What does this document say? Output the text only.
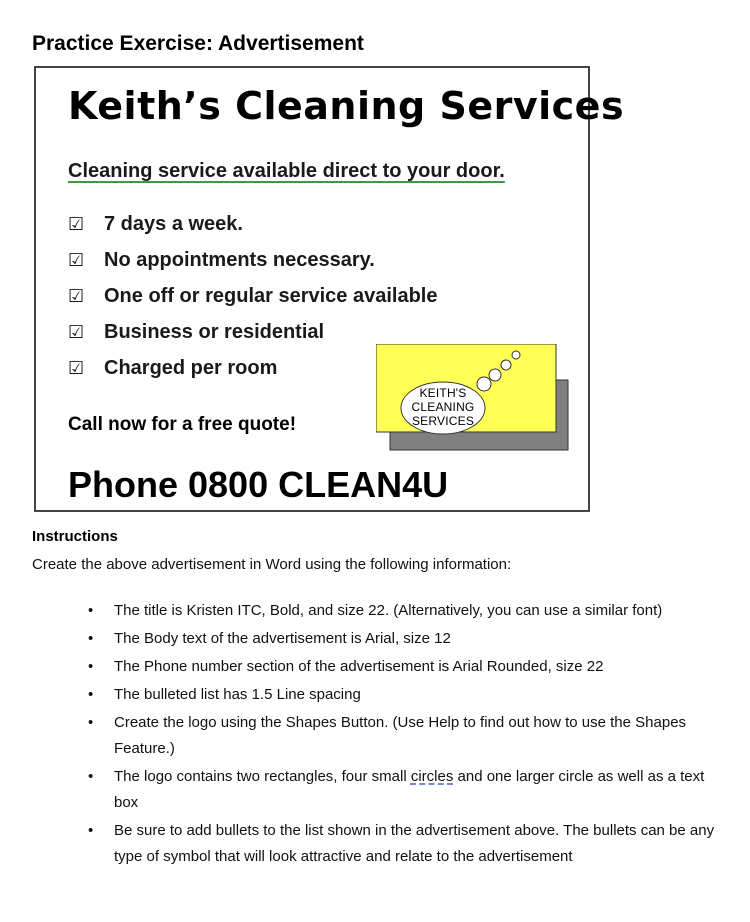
Practice Exercise: Advertisement
Keith’s Cleaning Services
Cleaning service available direct to your door.
☑ 7 days a week.
☑ No appointments necessary.
☑ One off or regular service available
☑ Business or residential
☑ Charged per room
Call now for a free quote!
Phone 0800 CLEAN4U
KEITH'S
CLEANING
SERVICES
Instructions

Create the above advertisement in Word using the following information:

• The title is Kristen ITC, Bold, and size 22. (Alternatively, you can use a similar font)
• The Body text of the advertisement is Arial, size 12
• The Phone number section of the advertisement is Arial Rounded, size 22
• The bulleted list has 1.5 Line spacing
• Create the logo using the Shapes Button. (Use Help to find out how to use the Shapes Feature.)
• The logo contains two rectangles, four small circles and one larger circle as well as a text box
• Be sure to add bullets to the list shown in the advertisement above. The bullets can be any type of symbol that will look attractive and relate to the advertisement
